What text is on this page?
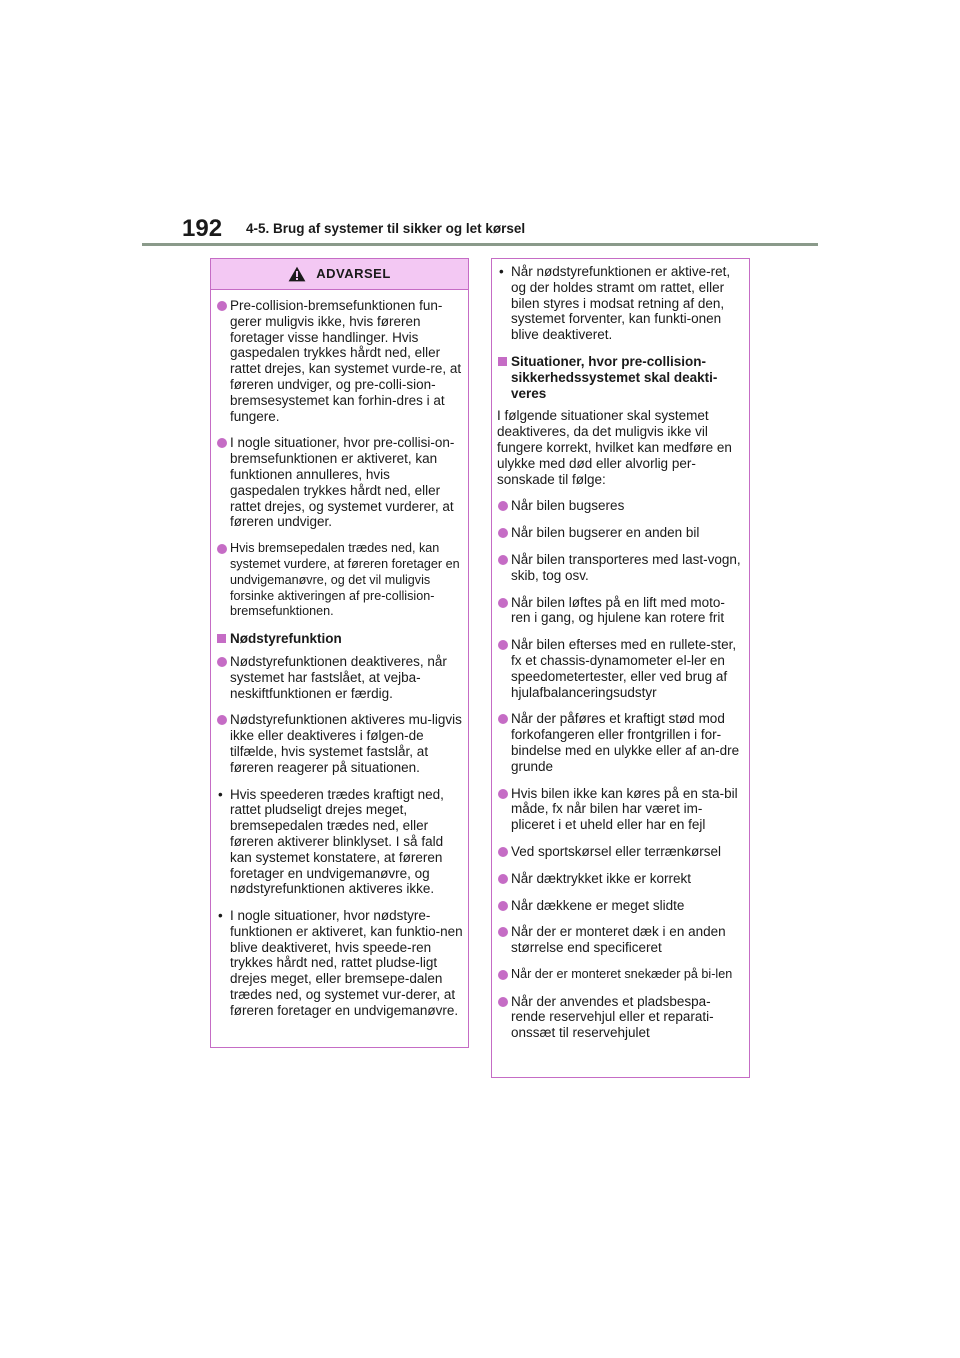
192 4-5. Brug af systemer til sikker og let kørsel
ADVARSEL
Pre-collision-bremsefunktionen fun-gerer muligvis ikke, hvis føreren foretager visse handlinger. Hvis gaspedalen trykkes hårdt ned, eller rattet drejes, kan systemet vurde-re, at føreren undviger, og pre-colli-sion-bremsesystemet kan forhin-dres i at fungere.
I nogle situationer, hvor pre-collisi-on-bremsefunktionen er aktiveret, kan funktionen annulleres, hvis gaspedalen trykkes hårdt ned, eller rattet drejes, og systemet vurderer, at føreren undviger.
Hvis bremsepedalen trædes ned, kan systemet vurdere, at føreren foretager en undvigemanøvre, og det vil muligvis forsinke aktiveringen af pre-collision-bremsefunktionen.
Nødstyrefunktion
Nødstyrefunktionen deaktiveres, når systemet har fastslået, at vejba-neskiftfunktionen er færdig.
Nødstyrefunktionen aktiveres mu-ligvis ikke eller deaktiveres i følgen-de tilfælde, hvis systemet fastslår, at føreren reagerer på situationen.
• Hvis speederen trædes kraftigt ned, rattet pludseligt drejes meget, bremsepedalen trædes ned, eller føreren aktiverer blinklyset. I så fald kan systemet konstatere, at føreren foretager en undvigemanøvre, og nødstyrefunktionen aktiveres ikke.
• I nogle situationer, hvor nødstyre-funktionen er aktiveret, kan funktio-nen blive deaktiveret, hvis speede-ren trykkes hårdt ned, rattet pludse-ligt drejes meget, eller bremsepe-dalen trædes ned, og systemet vur-derer, at føreren foretager en undvigemanøvre.
• Når nødstyrefunktionen er aktive-ret, og der holdes stramt om rattet, eller bilen styres i modsat retning af den, systemet forventer, kan funkti-onen blive deaktiveret.
Situationer, hvor pre-collision-sikkerhedssystemet skal deakti-veres
I følgende situationer skal systemet deaktiveres, da det muligvis ikke vil fungere korrekt, hvilket kan medføre en ulykke med død eller alvorlig per-sonskade til følge:
Når bilen bugseres
Når bilen bugserer en anden bil
Når bilen transporteres med last-vogn, skib, tog osv.
Når bilen løftes på en lift med moto-ren i gang, og hjulene kan rotere frit
Når bilen efterses med en rullete-ster, fx et chassis-dynamometer el-ler en speedometertester, eller ved brug af hjulafbalanceringsudstyr
Når der påføres et kraftigt stød mod forkofangeren eller frontgrillen i for-bindelse med en ulykke eller af an-dre grunde
Hvis bilen ikke kan køres på en sta-bil måde, fx når bilen har været im-pliceret i et uheld eller har en fejl
Ved sportskørsel eller terrænkørsel
Når dæktrykket ikke er korrekt
Når dækkene er meget slidte
Når der er monteret dæk i en anden størrelse end specificeret
Når der er monteret snekæder på bi-len
Når der anvendes et pladsbespa-rende reservehjul eller et reparati-onssæt til reservehjulet
